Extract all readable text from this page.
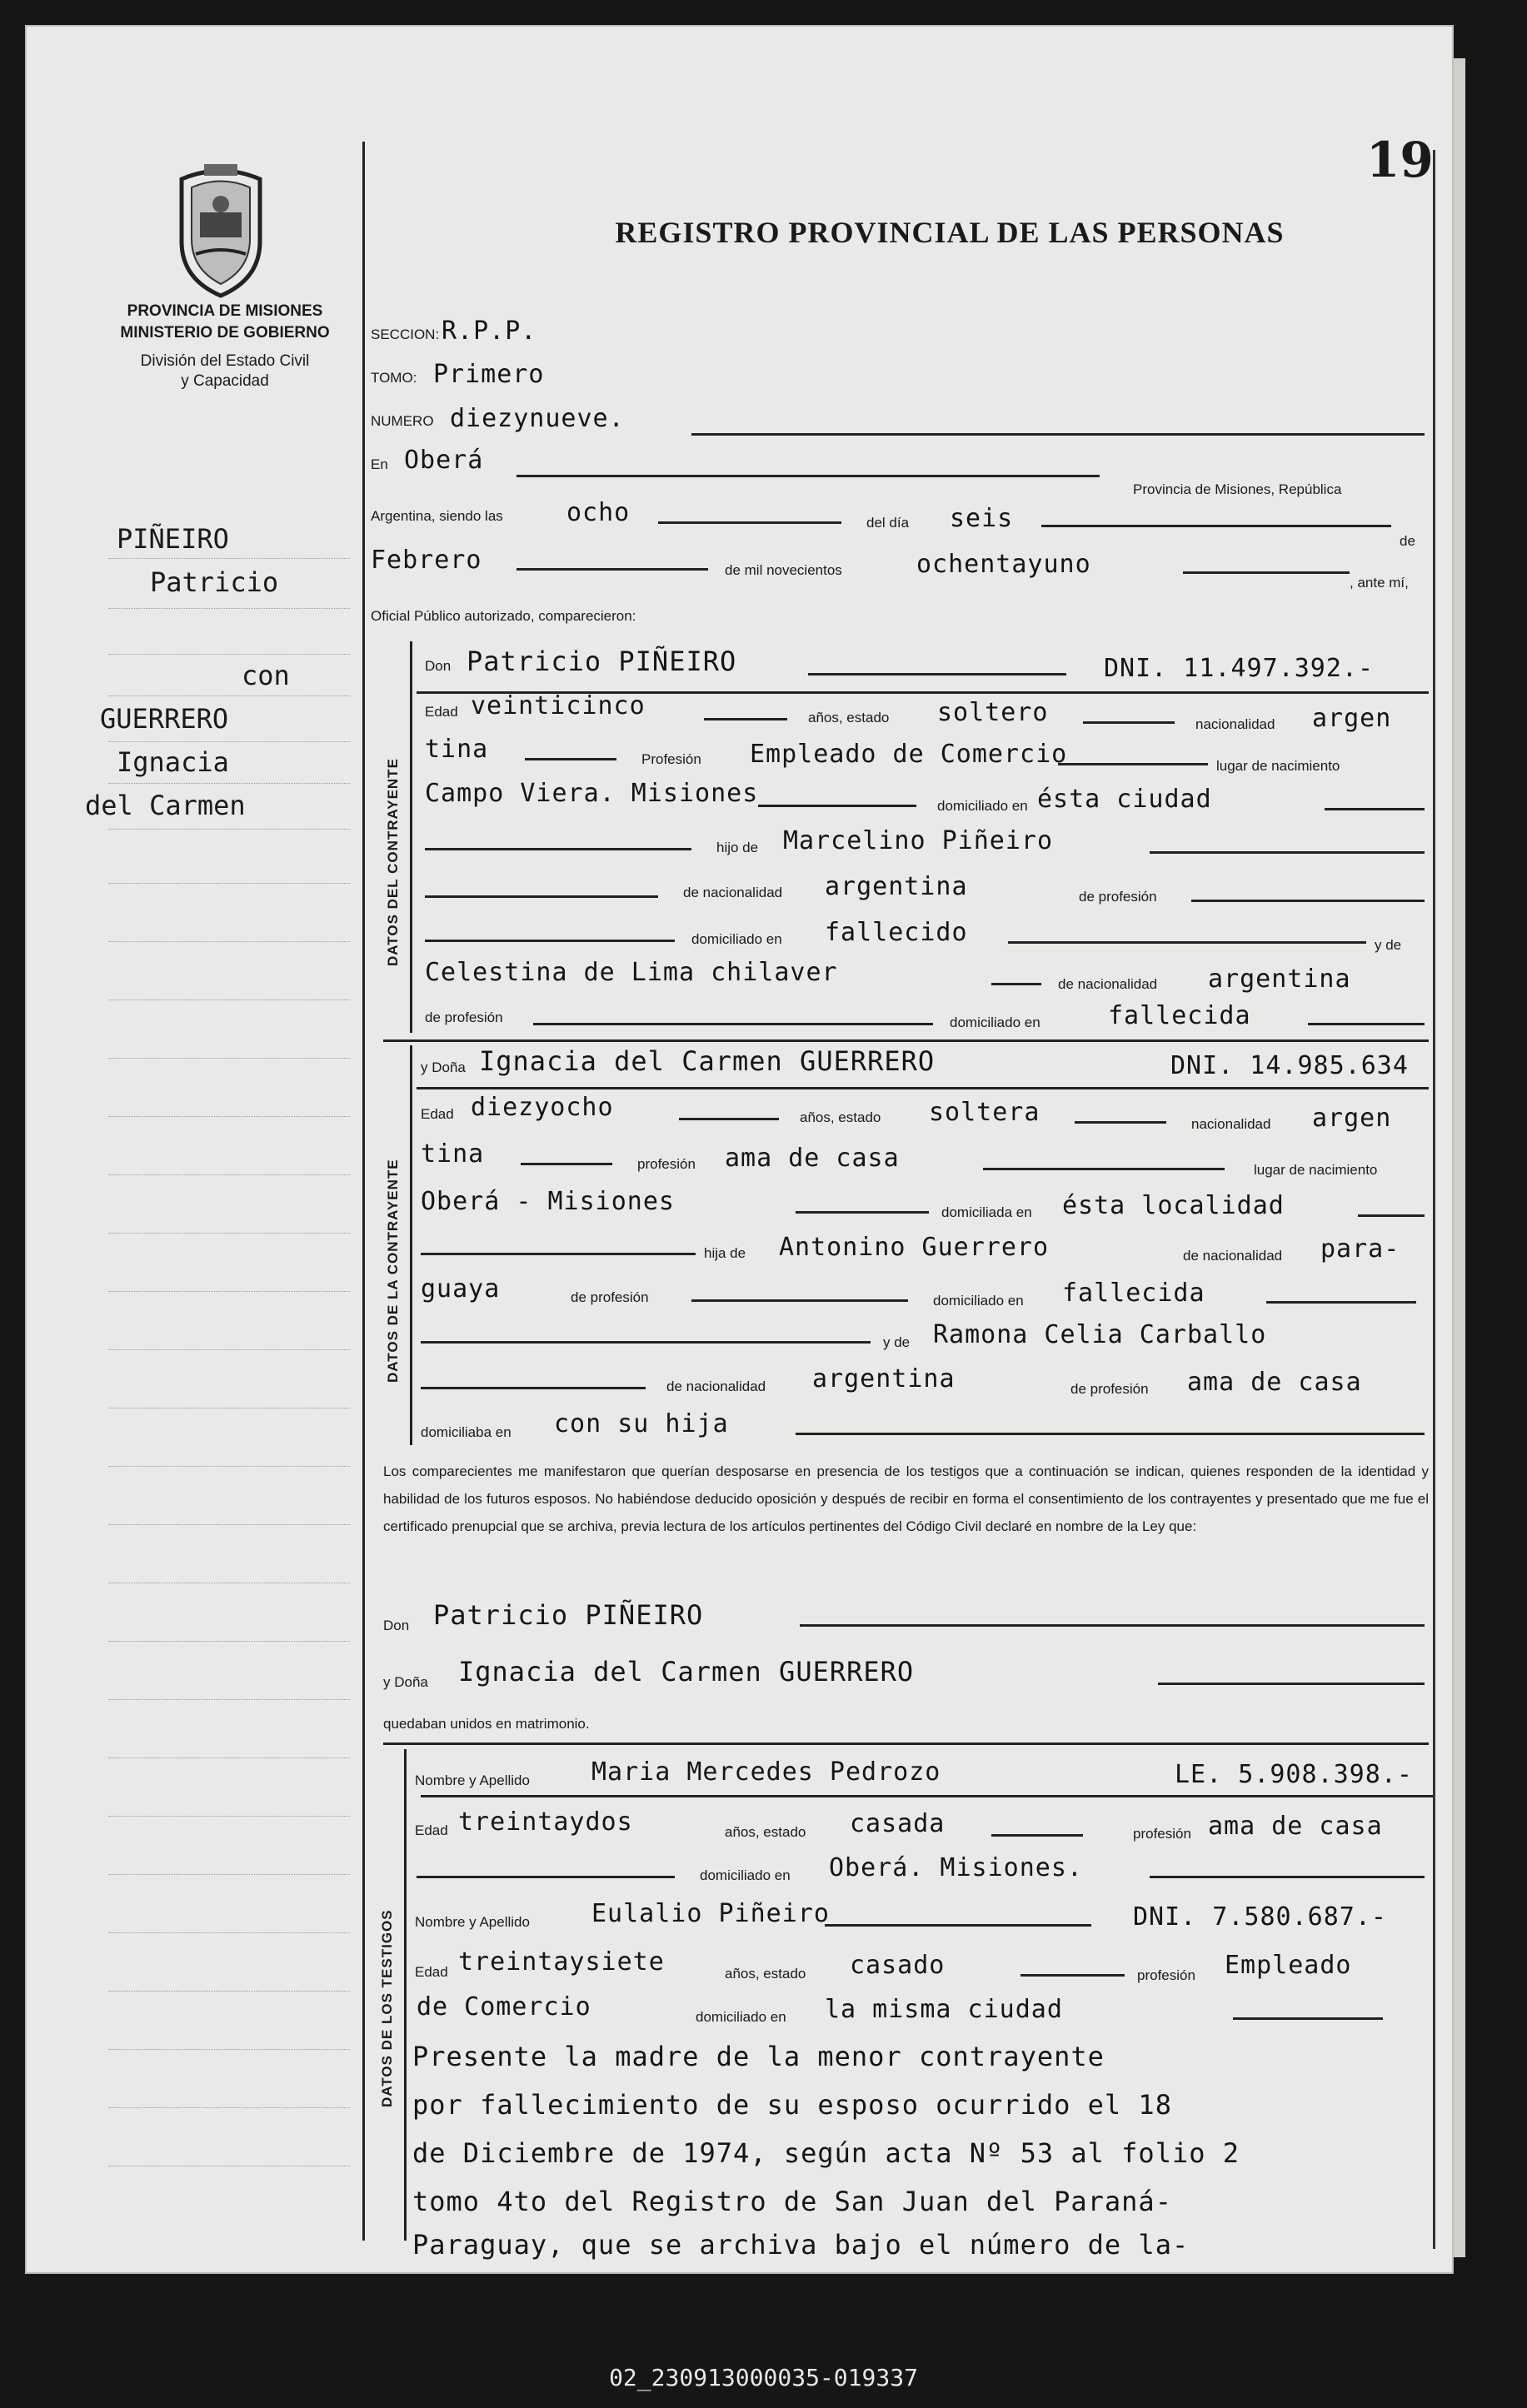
PROVINCIA DE MISIONES
MINISTERIO DE GOBIERNO
División del Estado Civil
y Capacidad
19
REGISTRO PROVINCIAL DE LAS PERSONAS
PIÑEIRO
Patricio
con
GUERRERO
Ignacia
del Carmen
SECCION: R.P.P.
TOMO: Primero
NUMERO diezynueve.
En Oberá
Provincia de Misiones, República
Argentina, siendo las	ocho	del día seis
de
Febrero	de mil novecientos	ochentayuno
, ante mí,
Oficial Público autorizado, comparecieron:
DATOS DEL CONTRAYENTE
Don Patricio PIÑEIRO	DNI. 11.497.392.-
Edad veinticinco	años, estado soltero	nacionalidad argen
tina	Profesión Empleado de Comercio	lugar de nacimiento
Campo Viera. Misiones	domiciliado en ésta ciudad
hijo de Marcelino Piñeiro
de nacionalidad argentina	de profesión
domiciliado en fallecido	y de
Celestina de Lima chilaver	de nacionalidad argentina
de profesión	domiciliado en	fallecida
DATOS DE LA CONTRAYENTE
y Doña Ignacia del Carmen GUERRERO	DNI. 14.985.634
Edad diezyocho	años, estado soltera	nacionalidad argen
tina	profesión ama de casa	lugar de nacimiento
Oberá - Misiones	domiciliada en ésta localidad
hija de Antonino Guerrero	de nacionalidad para-
guaya	de profesión	domiciliado en fallecida
y de Ramona Celia Carballo
de nacionalidad argentina	de profesión ama de casa
domiciliaba en con su hija
Los comparecientes me manifestaron que querían desposarse en presencia de los testigos que a continuación se indican, quienes responden de la identidad y habilidad de los futuros esposos. No habiéndose deducido oposición y después de recibir en forma el consentimiento de los contrayentes y presentado que me fue el certificado prenupcial que se archiva, previa lectura de los artículos pertinentes del Código Civil declaré en nombre de la Ley que:
Don Patricio PIÑEIRO
y Doña Ignacia del Carmen GUERRERO
quedaban unidos en matrimonio.
DATOS DE LOS TESTIGOS
Nombre y Apellido Maria Mercedes Pedrozo	LE. 5.908.398.-
Edad treintaydos	años, estado casada	profesión ama de casa
domiciliado en Oberá. Misiones.
Nombre y Apellido Eulalio Piñeiro	DNI. 7.580.687.-
Edad treintaysiete	años, estado casado	profesión Empleado
de Comercio	domiciliado en la misma ciudad
Presente la madre de la menor contrayente
por fallecimiento de su esposo ocurrido el 18
de Diciembre de 1974, según acta Nº 53 al folio 2
tomo 4to del Registro de San Juan del Paraná-
Paraguay, que se archiva bajo el número de la-
02_230913000035-019337
